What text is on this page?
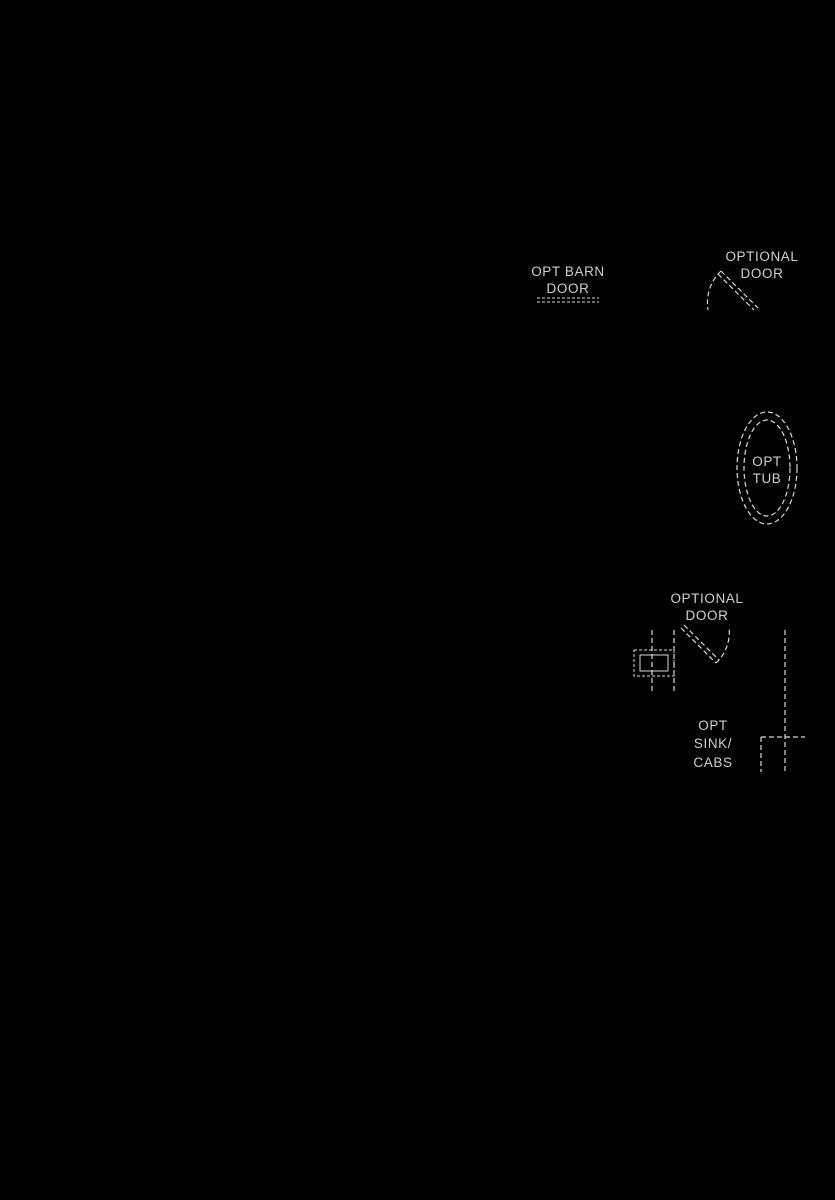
OPT BARN
DOOR
OPTIONAL
DOOR
OPT
TUB
OPTIONAL
DOOR
OPT
SINK/
CABS
